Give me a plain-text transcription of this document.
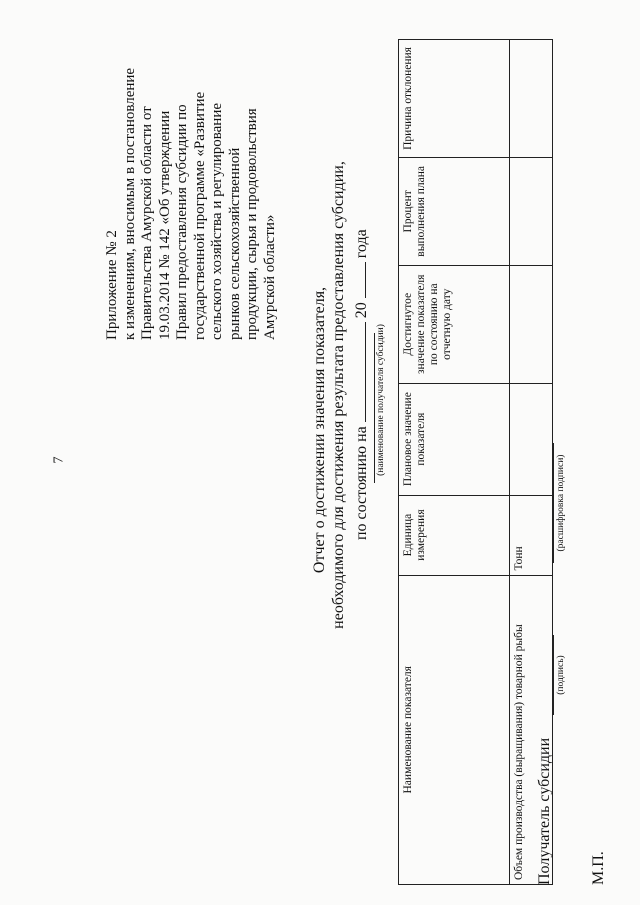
7

Приложение № 2 к изменениям, вносимым в постановление Правительства Амурской области от 19.03.2014 № 142 «Об утверждении Правил предоставления субсидии по государственной программе «Развитие сельского хозяйства и регулирование рынков сельскохозяйственной продукции, сырья и продовольствия Амурской области»

Отчет о достижении значения показателя, необходимого для достижения результата предоставления субсидии, по состоянию на  20  года
(наименование получателя субсидии)
Наименование показателя	Единица измерения	Плановое значение показателя	Достигнутое значение показателя по состоянию на отчетную дату	Процент выполнения плана	Причина отклонения
Объем производства (выращивания) товарной рыбы	Тонн				
Получатель субсидии
(подпись)
(расшифровка подписи)
М.П.
